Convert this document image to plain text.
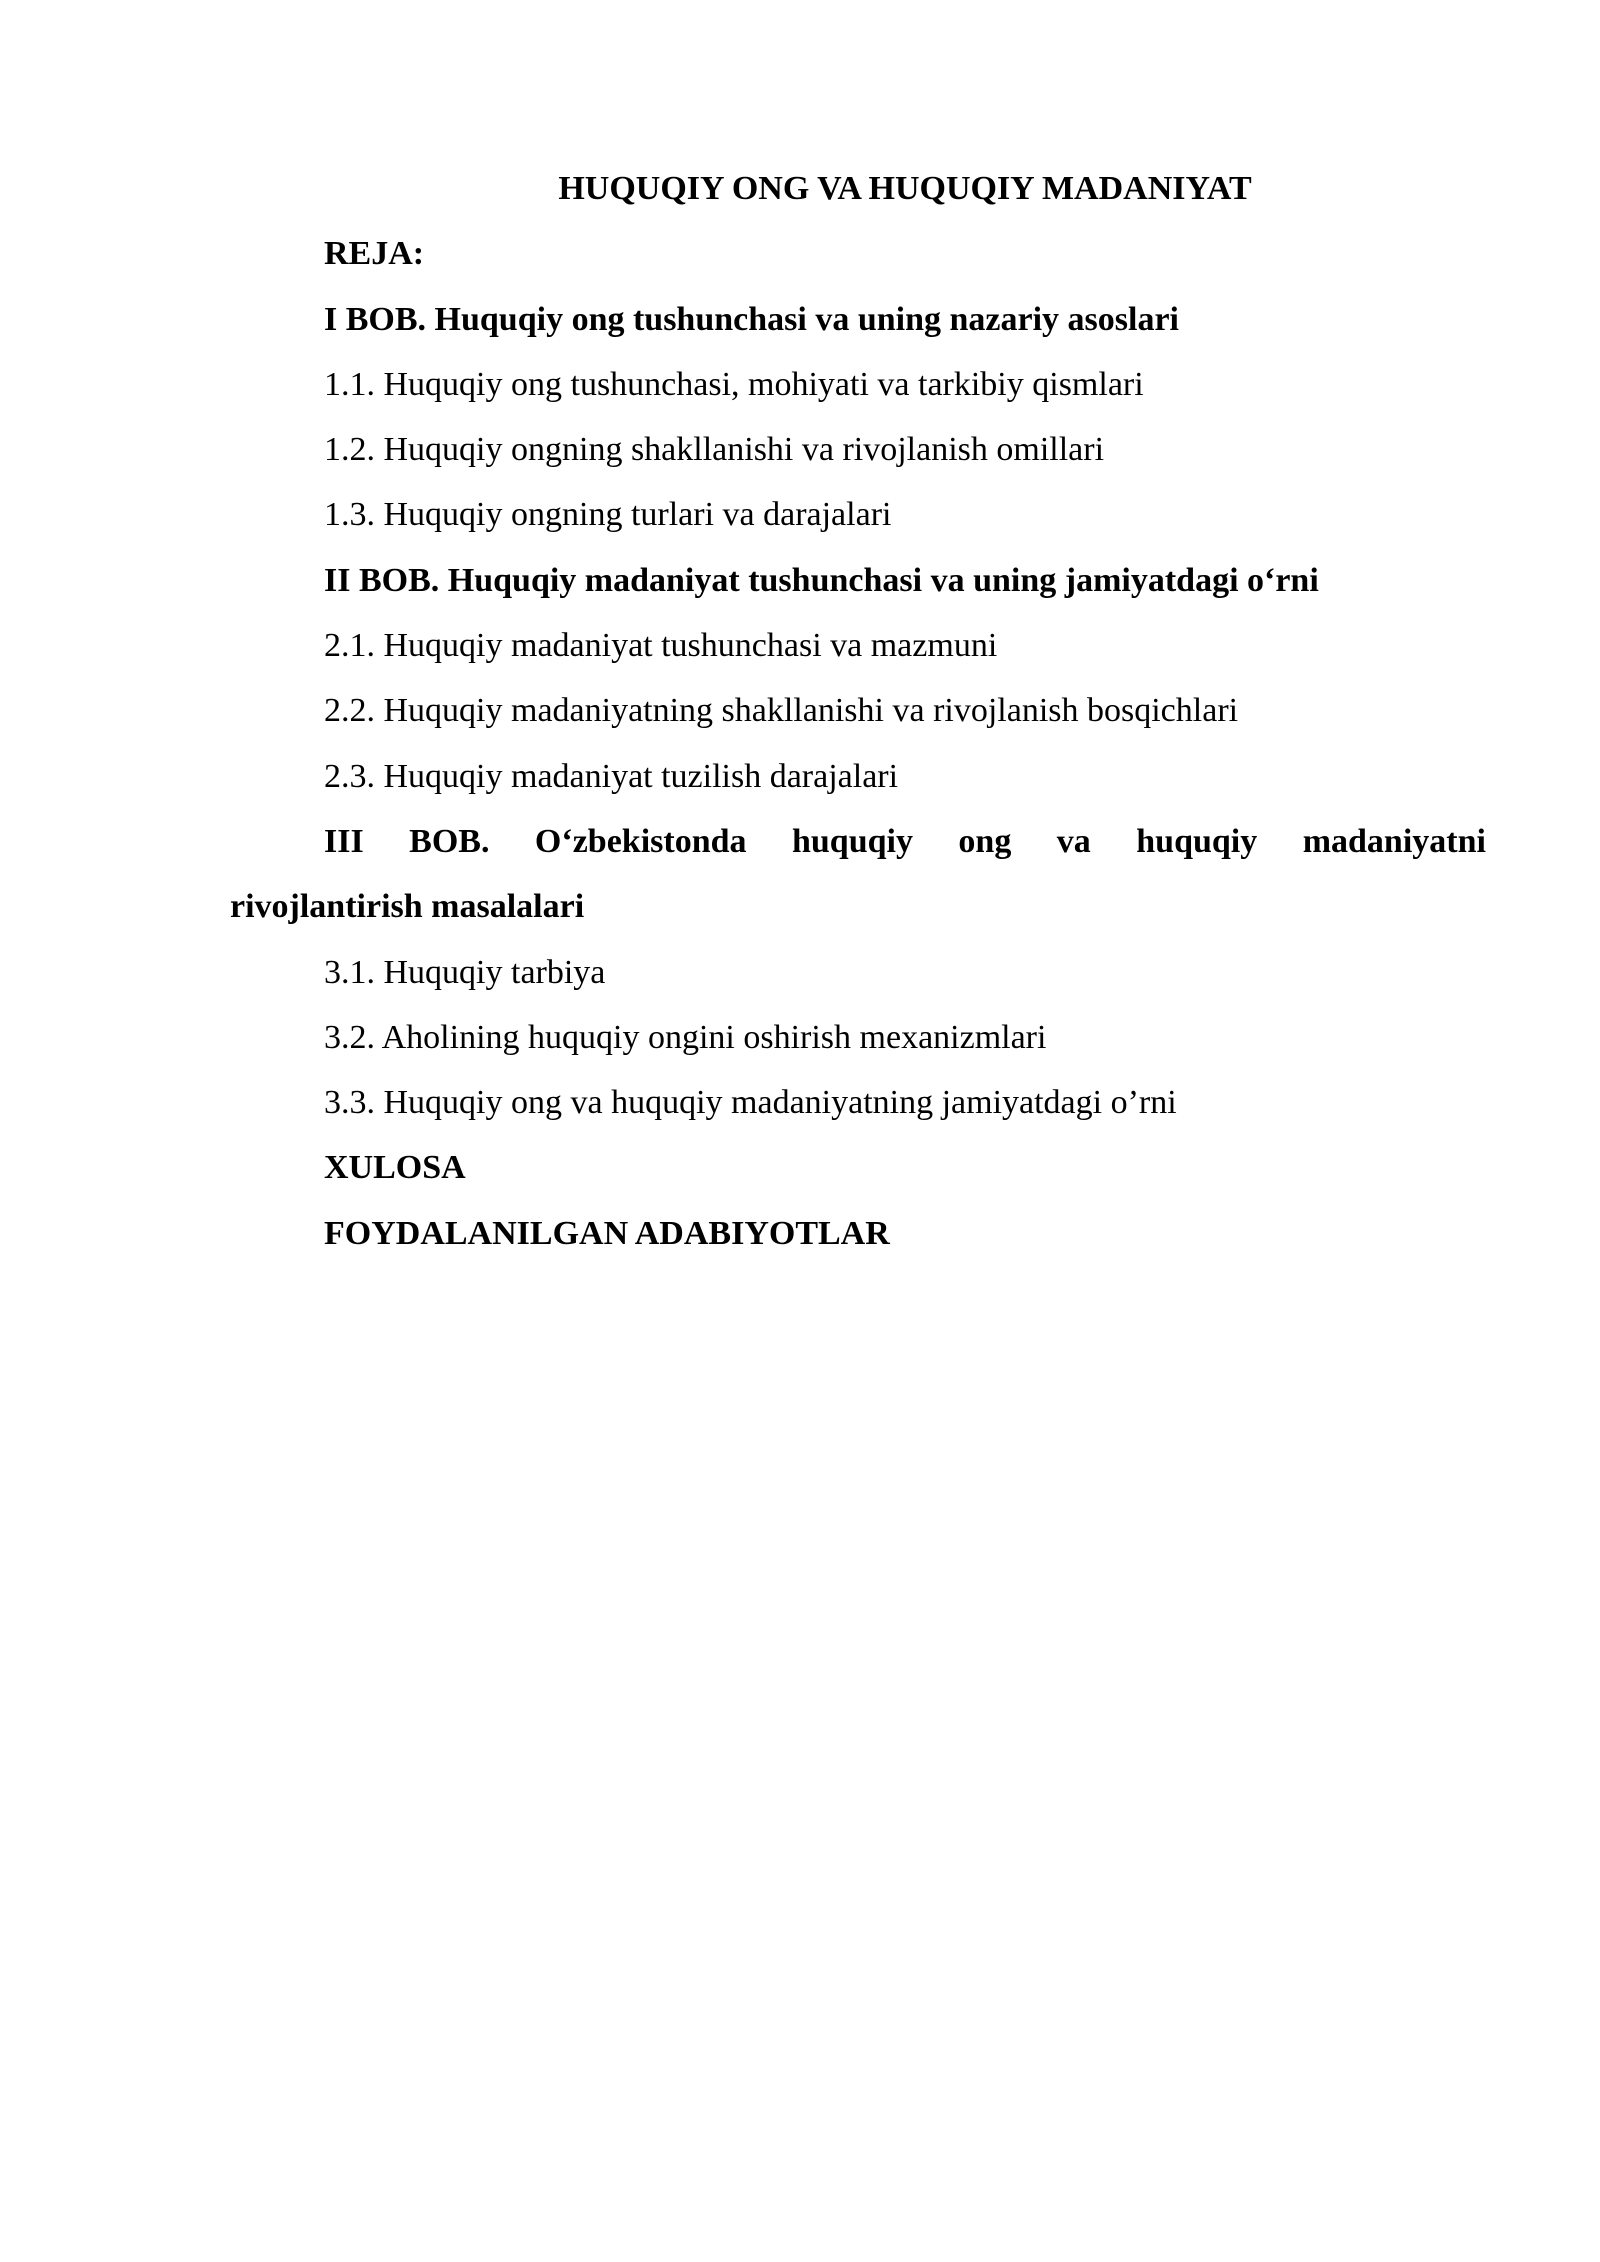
HUQUQIY ONG VA HUQUQIY MADANIYAT
REJA:
I BOB. Huquqiy ong tushunchasi va uning nazariy asoslari
1.1. Huquqiy ong tushunchasi, mohiyati va tarkibiy qismlari
1.2. Huquqiy ongning shakllanishi va rivojlanish omillari
1.3. Huquqiy ongning turlari va darajalari
II BOB. Huquqiy madaniyat tushunchasi va uning jamiyatdagi o‘rni
2.1. Huquqiy madaniyat tushunchasi va mazmuni
2.2. Huquqiy madaniyatning shakllanishi va rivojlanish bosqichlari
2.3. Huquqiy madaniyat tuzilish darajalari
III BOB. O‘zbekistonda huquqiy ong va huquqiy madaniyatni
rivojlantirish masalalari
3.1. Huquqiy tarbiya
3.2. Aholining huquqiy ongini oshirish mexanizmlari
3.3. Huquqiy ong va huquqiy madaniyatning jamiyatdagi o’rni
XULOSA
FOYDALANILGAN ADABIYOTLAR
